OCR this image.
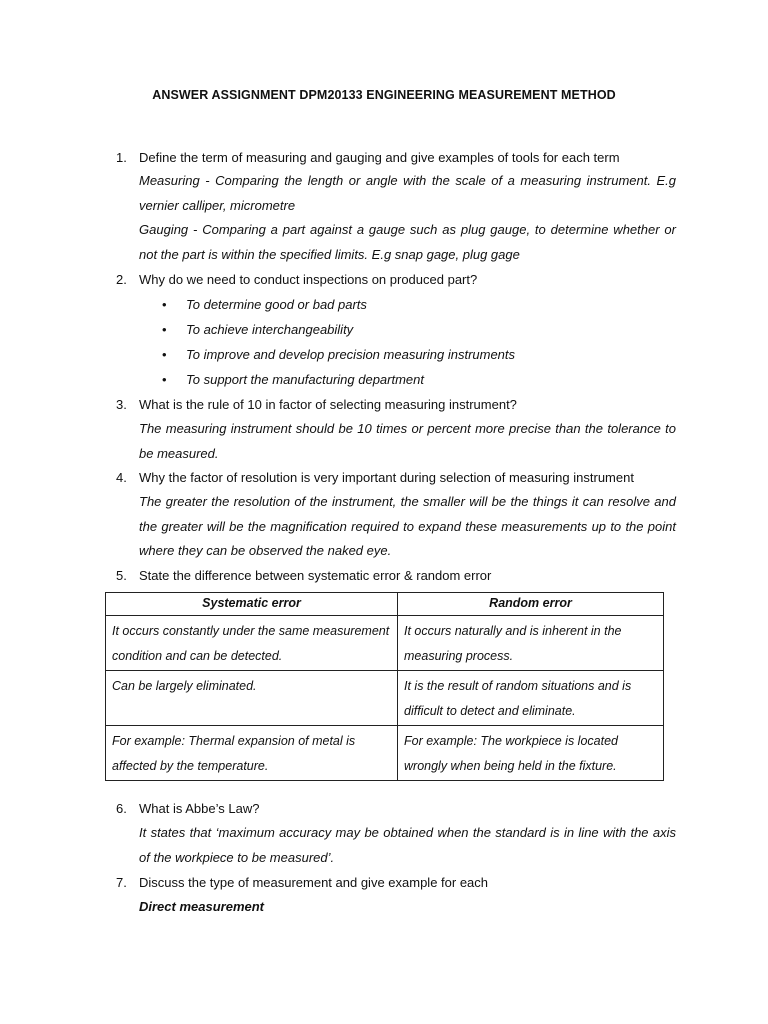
ANSWER ASSIGNMENT DPM20133 ENGINEERING MEASUREMENT METHOD
1. Define the term of measuring and gauging and give examples of tools for each term

Measuring - Comparing the length or angle with the scale of a measuring instrument. E.g vernier calliper, micrometre

Gauging - Comparing a part against a gauge such as plug gauge, to determine whether or not the part is within the specified limits. E.g snap gage, plug gage

2. Why do we need to conduct inspections on produced part?
• To determine good or bad parts
• To achieve interchangeability
• To improve and develop precision measuring instruments
• To support the manufacturing department
3. What is the rule of 10 in factor of selecting measuring instrument?

The measuring instrument should be 10 times or percent more precise than the tolerance to be measured.

4. Why the factor of resolution is very important during selection of measuring instrument

The greater the resolution of the instrument, the smaller will be the things it can resolve and the greater will be the magnification required to expand these measurements up to the point where they can be observed the naked eye.

5. State the difference between systematic error & random error
Systematic error	Random error
It occurs constantly under the same measurement condition and can be detected.	It occurs naturally and is inherent in the measuring process.
Can be largely eliminated.	It is the result of random situations and is difficult to detect and eliminate.
For example: Thermal expansion of metal is affected by the temperature.	For example: The workpiece is located wrongly when being held in the fixture.
6. What is Abbe’s Law?

It states that ‘maximum accuracy may be obtained when the standard is in line with the axis of the workpiece to be measured’.

7. Discuss the type of measurement and give example for each
Direct measurement
